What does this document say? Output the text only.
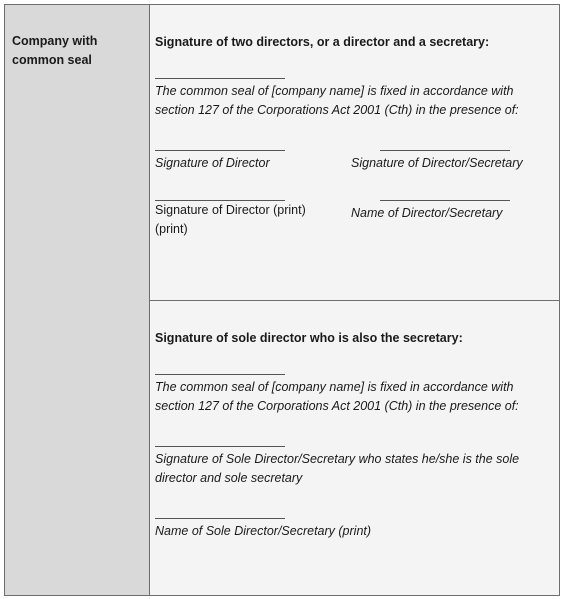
Company with
common seal

Signature of two directors, or a director and a secretary:

The common seal of [company name] is fixed in accordance with section 127 of the Corporations Act 2001 (Cth) in the presence of:

Signature of Director	Signature of Director/Secretary

Signature of Director (print)
(print)

Name of Director/Secretary

Signature of sole director who is also the secretary:

The common seal of [company name] is fixed in accordance with section 127 of the Corporations Act 2001 (Cth) in the presence of:

Signature of Sole Director/Secretary who states he/she is the sole director and sole secretary

Name of Sole Director/Secretary (print)
